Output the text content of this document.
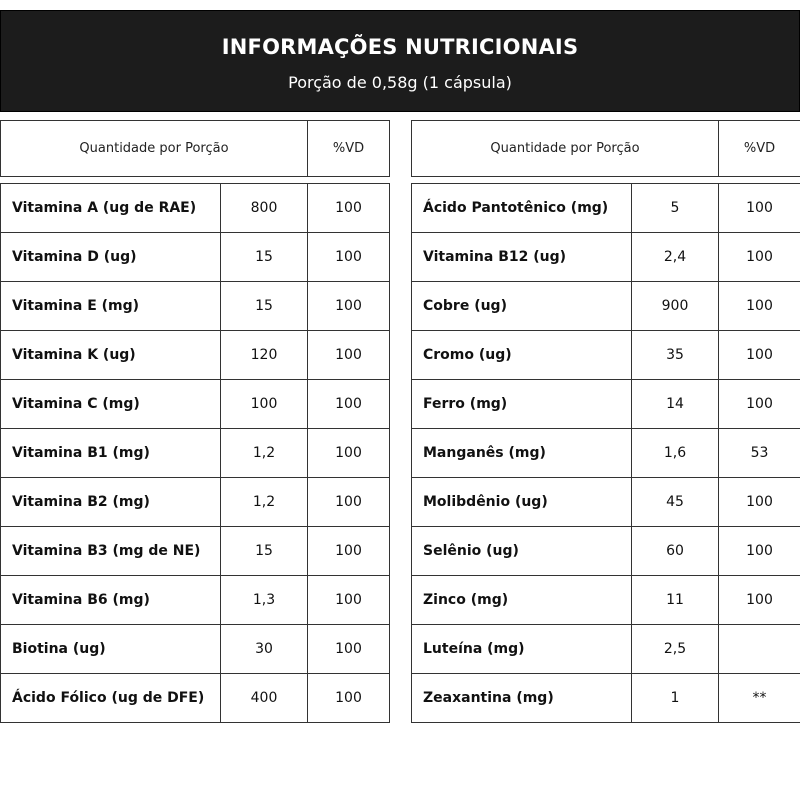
INFORMAÇÕES NUTRICIONAIS
Porção de 0,58g (1 cápsula)
Quantidade por Porção	%VD	Quantidade por Porção	%VD
Vitamina A (ug de RAE)	800	100
Vitamina D (ug)	15	100
Vitamina E (mg)	15	100
Vitamina K (ug)	120	100
Vitamina C (mg)	100	100
Vitamina B1 (mg)	1,2	100
Vitamina B2 (mg)	1,2	100
Vitamina B3 (mg de NE)	15	100
Vitamina B6 (mg)	1,3	100
Biotina (ug)	30	100
Ácido Fólico (ug de DFE)	400	100
Ácido Pantotênico (mg)	5	100
Vitamina B12 (ug)	2,4	100
Cobre (ug)	900	100
Cromo (ug)	35	100
Ferro (mg)	14	100
Manganês (mg)	1,6	53
Molibdênio (ug)	45	100
Selênio (ug)	60	100
Zinco (mg)	11	100
Luteína (mg)	2,5	
Zeaxantina (mg)	1	**
